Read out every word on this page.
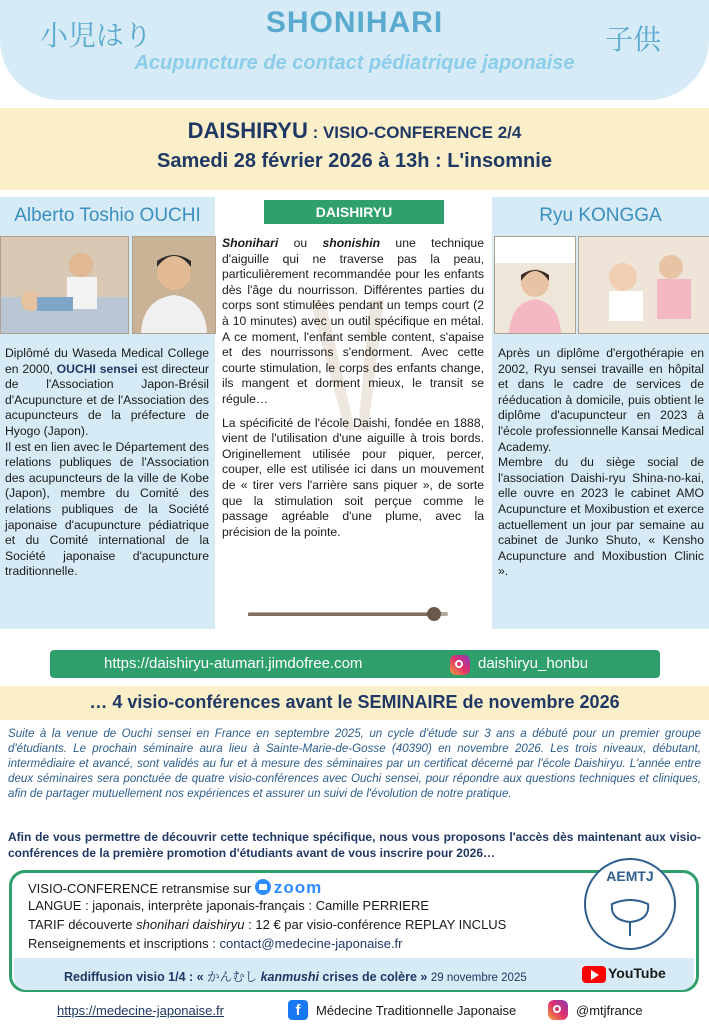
小児はり	子供
SHONIHARI
Acupuncture de contact pédiatrique japonaise
DAISHIRYU : VISIO-CONFERENCE 2/4
Samedi 28 février 2026 à 13h : L'insomnie
Alberto Toshio OUCHI
Diplômé du Waseda Medical College en 2000, OUCHI sensei est directeur de l'Association Japon-Brésil d'Acupuncture et de l'Association des acupuncteurs de la préfecture de Hyogo (Japon).
Il est en lien avec le Département des relations publiques de l'Association des acupuncteurs de la ville de Kobe (Japon), membre du Comité des relations publiques de la Société japonaise d'acupuncture pédiatrique et du Comité international de la Société japonaise d'acupuncture traditionnelle.
DAISHIRYU

Shonihari ou shonishin une technique d'aiguille qui ne traverse pas la peau, particulièrement recommandée pour les enfants dès l'âge du nourrisson. Différentes parties du corps sont stimulées pendant un temps court (2 à 10 minutes) avec un outil spécifique en métal. A ce moment, l'enfant semble content, s'apaise et des nourrissons s'endorment. Avec cette courte stimulation, le corps des enfants change, ils mangent et dorment mieux, le transit se régule…

La spécificité de l'école Daishi, fondée en 1888, vient de l'utilisation d'une aiguille à trois bords. Originellement utilisée pour piquer, percer, couper, elle est utilisée ici dans un mouvement de « tirer vers l'arrière sans piquer », de sorte que la stimulation soit perçue comme le passage agréable d'une plume, avec la précision de la pointe.

Ryu KONGGA
Après un diplôme d'ergothérapie en 2002, Ryu sensei travaille en hôpital et dans le cadre de services de rééducation à domicile, puis obtient le diplôme d'acupuncteur en 2023 à l'école professionnelle Kansai Medical Academy.
Membre du du siège social de l'association Daishi-ryu Shina-no-kai, elle ouvre en 2023 le cabinet AMO Acupuncture et Moxibustion et exerce actuellement un jour par semaine au cabinet de Junko Shuto, « Kensho Acupuncture and Moxibustion Clinic ».
https://daishiryu-atumari.jimdofree.com	daishiryu_honbu
… 4 visio-conférences avant le SEMINAIRE de novembre 2026
Suite à la venue de Ouchi sensei en France en septembre 2025, un cycle d'étude sur 3 ans a débuté pour un premier groupe d'étudiants. Le prochain séminaire aura lieu à Sainte-Marie-de-Gosse (40390) en novembre 2026. Les trois niveaux, débutant, intermédiaire et avancé, sont validés au fur et à mesure des séminaires par un certificat décerné par l'école Daishiryu. L'année entre deux séminaires sera ponctuée de quatre visio-conférences avec Ouchi sensei, pour répondre aux questions techniques et cliniques, afin de partager mutuellement nos expériences et assurer un suivi de l'évolution de notre pratique.
Afin de vous permettre de découvrir cette technique spécifique, nous vous proposons l'accès dès maintenant aux visio-conférences de la première promotion d'étudiants avant de vous inscrire pour 2026…
VISIO-CONFERENCE retransmise sur zoom
LANGUE : japonais, interprète japonais-français : Camille PERRIERE
TARIF découverte shonihari daishiryu : 12 € par visio-conférence REPLAY INCLUS
Renseignements et inscriptions : contact@medecine-japonaise.fr
AEMTJ
Rediffusion visio 1/4 : « かんむし kanmushi crises de colère » 29 novembre 2025	YouTube
https://medecine-japonaise.fr	f	Médecine Traditionnelle Japonaise	@mtjfrance
